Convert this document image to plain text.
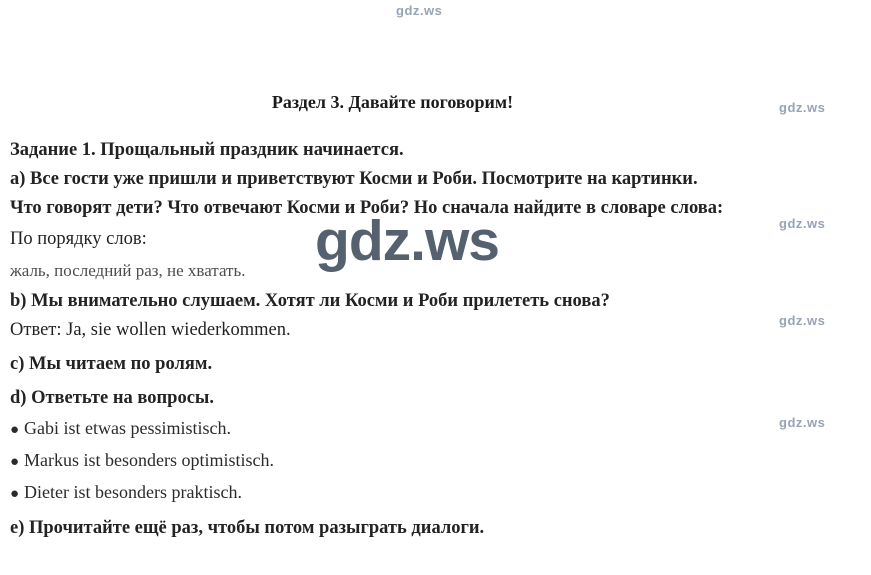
gdz.ws
gdz.ws
gdz.ws
gdz.ws
gdz.ws
Раздел 3. Давайте поговорим!
Задание 1. Прощальный праздник начинается.
a) Все гости уже пришли и приветствуют Косми и Роби. Посмотрите на картинки.
Что говорят дети? Что отвечают Косми и Роби? Но сначала найдите в словаре слова:
По порядку слов:
жаль, последний раз, не хватать.
b) Мы внимательно слушаем. Хотят ли Косми и Роби прилететь снова?
Ответ: Ja, sie wollen wiederkommen.
c) Мы читаем по ролям.
d) Ответьте на вопросы.
● Gabi ist etwas pessimistisch.
● Markus ist besonders optimistisch.
● Dieter ist besonders praktisch.
e) Прочитайте ещё раз, чтобы потом разыграть диалоги.
gdz.ws
